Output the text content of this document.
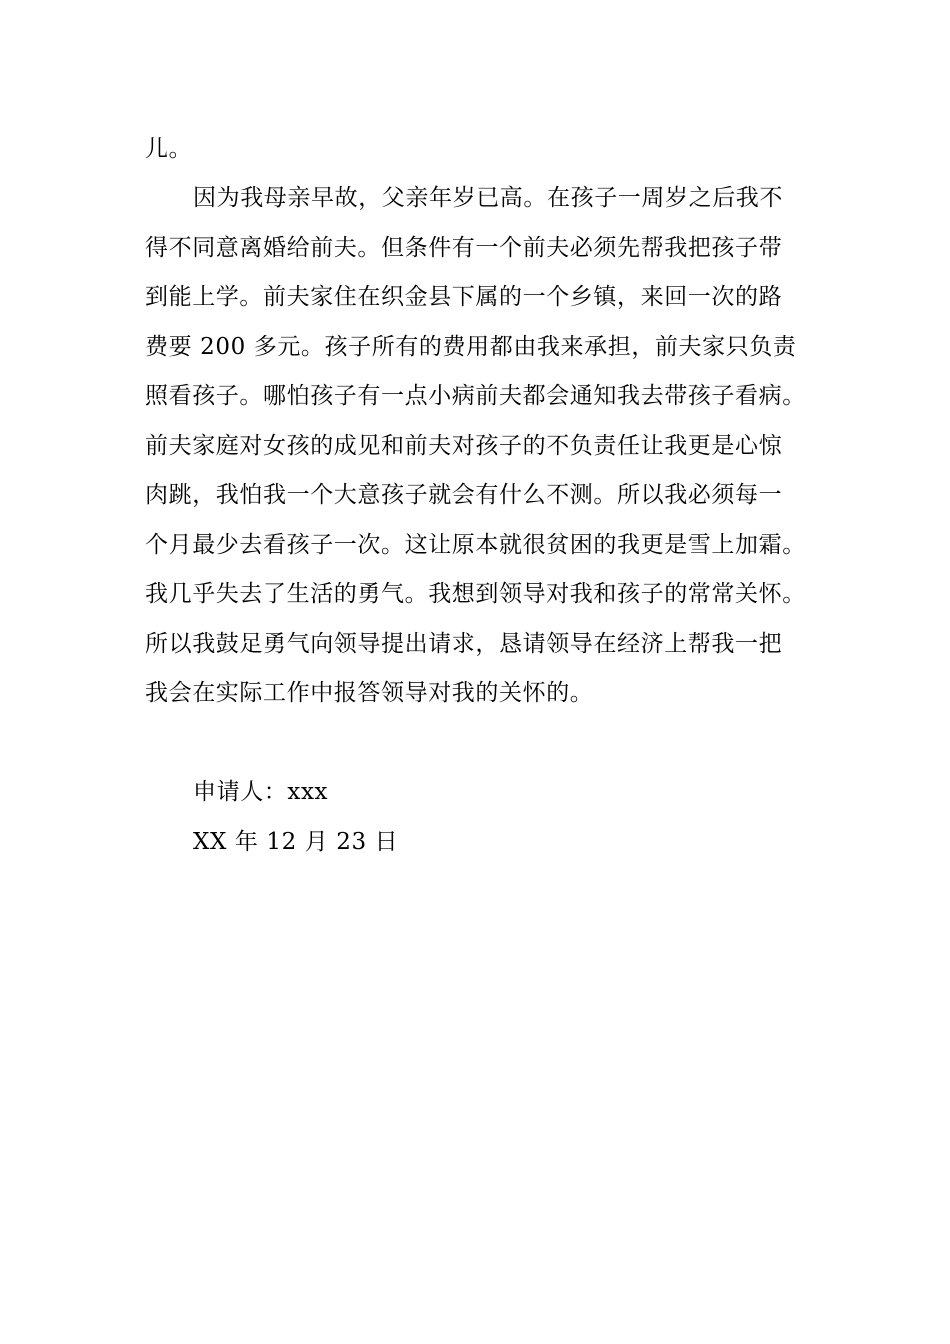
儿。
因为我母亲早故，父亲年岁已高。在孩子一周岁之后我不
得不同意离婚给前夫。但条件有一个前夫必须先帮我把孩子带
到能上学。前夫家住在织金县下属的一个乡镇，来回一次的路
费要 200 多元。孩子所有的费用都由我来承担，前夫家只负责
照看孩子。哪怕孩子有一点小病前夫都会通知我去带孩子看病。
前夫家庭对女孩的成见和前夫对孩子的不负责任让我更是心惊
肉跳，我怕我一个大意孩子就会有什么不测。所以我必须每一
个月最少去看孩子一次。这让原本就很贫困的我更是雪上加霜。
我几乎失去了生活的勇气。我想到领导对我和孩子的常常关怀。
所以我鼓足勇气向领导提出请求，恳请领导在经济上帮我一把
我会在实际工作中报答领导对我的关怀的。
申请人：xxx
XX 年 12 月 23 日
